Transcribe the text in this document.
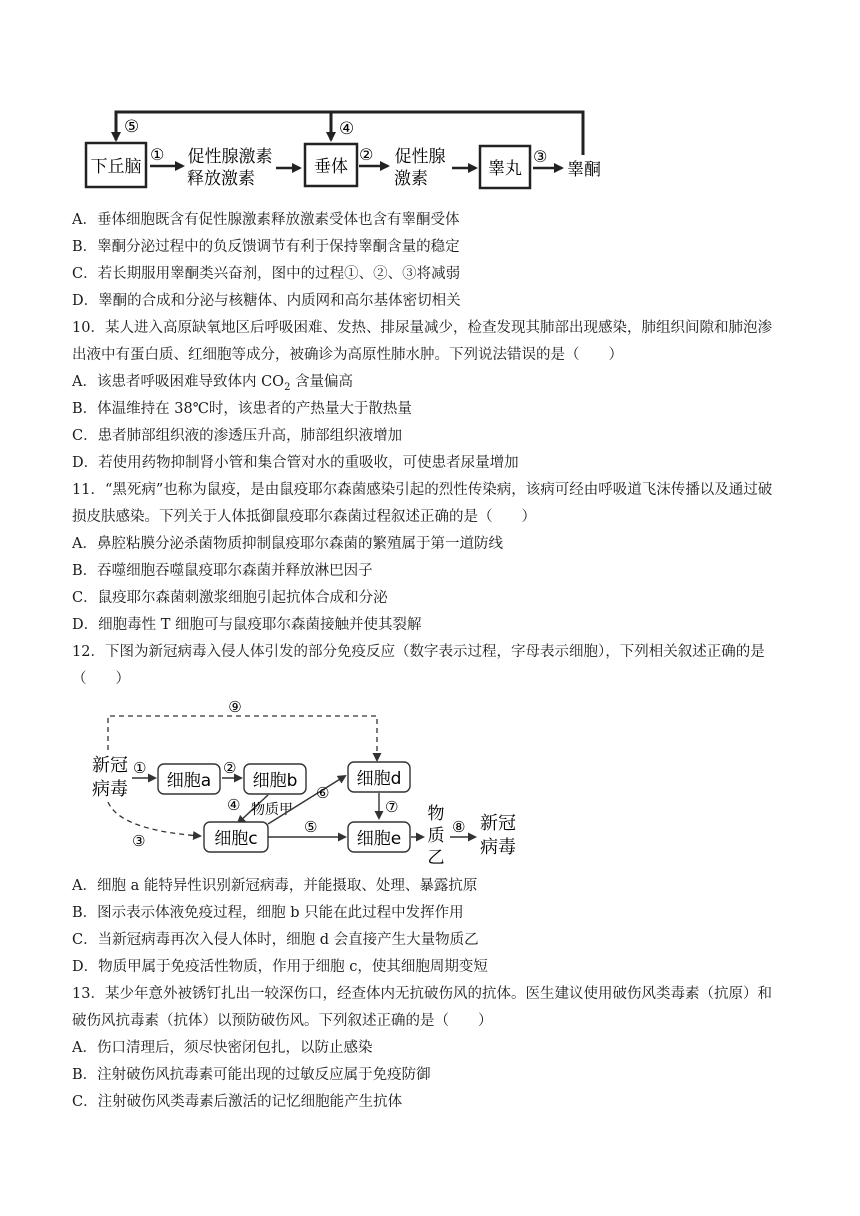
⑤	④
下丘脑
① 促性腺激素
释放激素
垂体
② 促性腺
激素	睾丸
③
睾酮
A．垂体细胞既含有促性腺激素释放激素受体也含有睾酮受体
B．睾酮分泌过程中的负反馈调节有利于保持睾酮含量的稳定
C．若长期服用睾酮类兴奋剂，图中的过程①、②、③将减弱
D．睾酮的合成和分泌与核糖体、内质网和高尔基体密切相关
10．某人进入高原缺氧地区后呼吸困难、发热、排尿量减少，检查发现其肺部出现感染，肺组织间隙和肺泡渗
出液中有蛋白质、红细胞等成分，被确诊为高原性肺水肿。下列说法错误的是（　　）
A．该患者呼吸困难导致体内 $CO_2$ 含量偏高
B．体温维持在 38℃时，该患者的产热量大于散热量
C．患者肺部组织液的渗透压升高，肺部组织液增加
D．若使用药物抑制肾小管和集合管对水的重吸收，可使患者尿量增加
11．“黑死病”也称为鼠疫，是由鼠疫耶尔森菌感染引起的烈性传染病，该病可经由呼吸道飞沫传播以及通过破
损皮肤感染。下列关于人体抵御鼠疫耶尔森菌过程叙述正确的是（　　）
A．鼻腔粘膜分泌杀菌物质抑制鼠疫耶尔森菌的繁殖属于第一道防线
B．吞噬细胞吞噬鼠疫耶尔森菌并释放淋巴因子
C．鼠疫耶尔森菌刺激浆细胞引起抗体合成和分泌
D．细胞毒性 T 细胞可与鼠疫耶尔森菌接触并使其裂解
12．下图为新冠病毒入侵人体引发的部分免疫反应（数字表示过程，字母表示细胞），下列相关叙述正确的是
（　　）
⑨
新冠
病毒
①
细胞a
②
细胞b
④ 物质甲
③	细胞c
⑥
⑤
细胞d
⑦
细胞e
物
质
乙
⑧ 新冠
病毒
A．细胞 a 能特异性识别新冠病毒，并能摄取、处理、暴露抗原
B．图示表示体液免疫过程，细胞 b 只能在此过程中发挥作用
C．当新冠病毒再次入侵人体时，细胞 d 会直接产生大量物质乙
D．物质甲属于免疫活性物质，作用于细胞 c，使其细胞周期变短
13．某少年意外被锈钉扎出一较深伤口，经查体内无抗破伤风的抗体。医生建议使用破伤风类毒素（抗原）和
破伤风抗毒素（抗体）以预防破伤风。下列叙述正确的是（　　）
A．伤口清理后，须尽快密闭包扎，以防止感染
B．注射破伤风抗毒素可能出现的过敏反应属于免疫防御
C．注射破伤风类毒素后激活的记忆细胞能产生抗体
